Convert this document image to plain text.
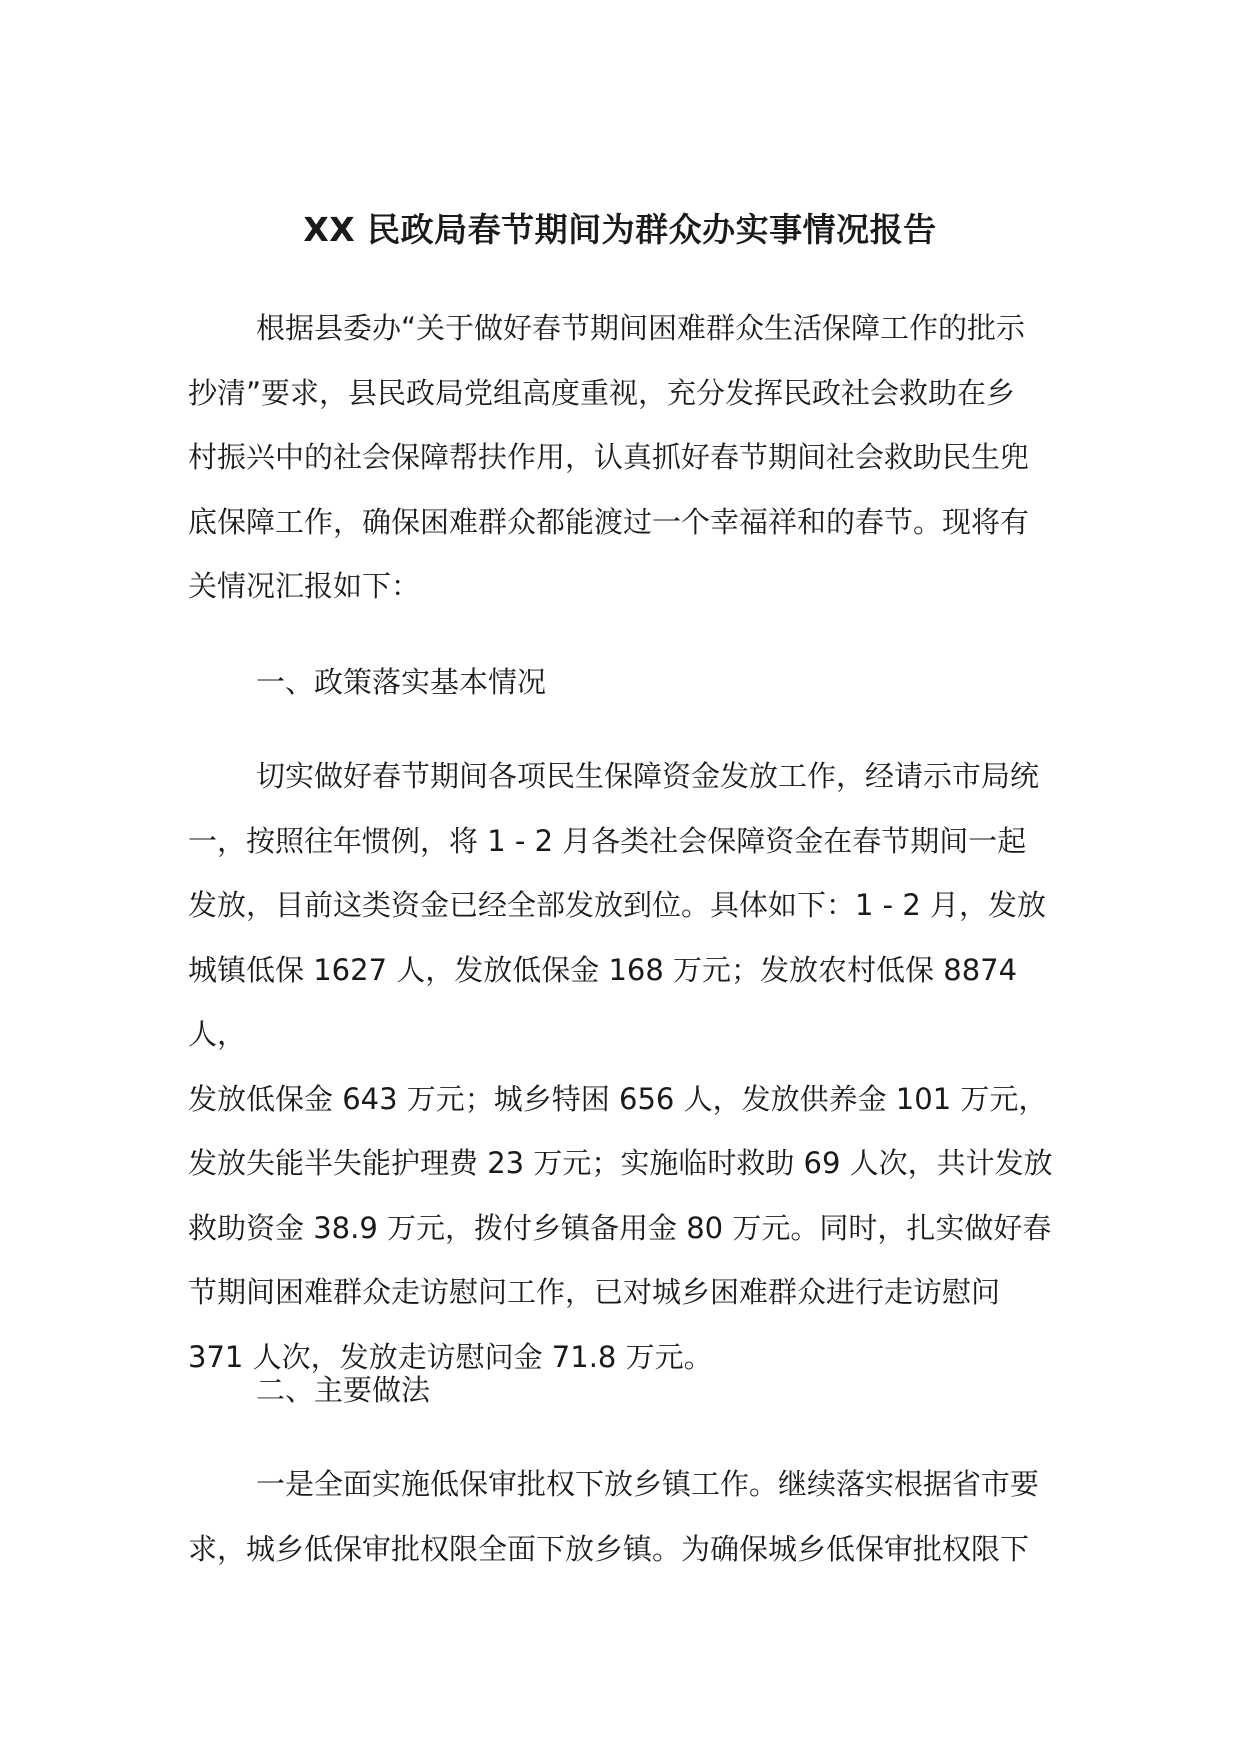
XX 民政局春节期间为群众办实事情况报告

根据县委办“关于做好春节期间困难群众生活保障工作的批示
抄清”要求，县民政局党组高度重视，充分发挥民政社会救助在乡
村振兴中的社会保障帮扶作用，认真抓好春节期间社会救助民生兜
底保障工作，确保困难群众都能渡过一个幸福祥和的春节。现将有
关情况汇报如下：

一、政策落实基本情况

切实做好春节期间各项民生保障资金发放工作，经请示市局统
一，按照往年惯例，将 1 - 2 月各类社会保障资金在春节期间一起
发放，目前这类资金已经全部发放到位。具体如下：1 - 2 月，发放
城镇低保 1627 人，发放低保金 168 万元；发放农村低保 8874 人，
发放低保金 643 万元；城乡特困 656 人，发放供养金 101 万元，
发放失能半失能护理费 23 万元；实施临时救助 69 人次，共计发放
救助资金 38.9 万元，拨付乡镇备用金 80 万元。同时，扎实做好春
节期间困难群众走访慰问工作，已对城乡困难群众进行走访慰问
371 人次，发放走访慰问金 71.8 万元。

二、主要做法

一是全面实施低保审批权下放乡镇工作。继续落实根据省市要
求，城乡低保审批权限全面下放乡镇。为确保城乡低保审批权限下
